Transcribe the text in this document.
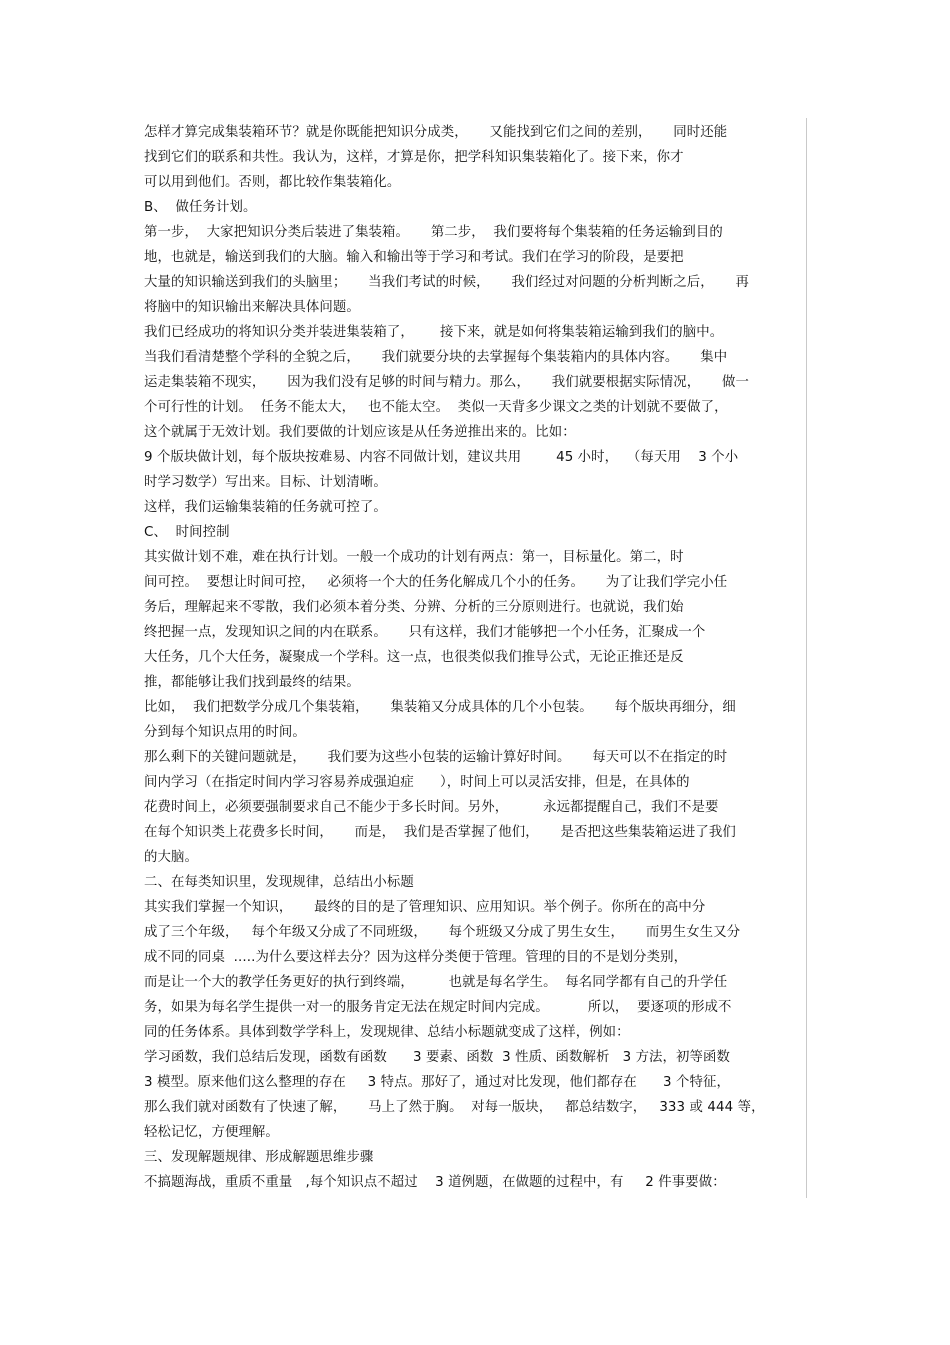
怎样才算完成集装箱环节？就是你既能把知识分成类，     又能找到它们之间的差别，     同时还能
找到它们的联系和共性。我认为，这样，才算是你，把学科知识集装箱化了。接下来，你才
可以用到他们。否则，都比较作集装箱化。
B、  做任务计划。
第一步，  大家把知识分类后装进了集装箱。     第二步，  我们要将每个集装箱的任务运输到目的
地，也就是，输送到我们的大脑。输入和输出等于学习和考试。我们在学习的阶段，是要把
大量的知识输送到我们的头脑里；     当我们考试的时候，     我们经过对问题的分析判断之后，     再
将脑中的知识输出来解决具体问题。
我们已经成功的将知识分类并装进集装箱了，      接下来，就是如何将集装箱运输到我们的脑中。
当我们看清楚整个学科的全貌之后，     我们就要分块的去掌握每个集装箱内的具体内容。     集中
运走集装箱不现实，     因为我们没有足够的时间与精力。那么，     我们就要根据实际情况，     做一
个可行性的计划。  任务不能太大，   也不能太空。  类似一天背多少课文之类的计划就不要做了，
这个就属于无效计划。我们要做的计划应该是从任务逆推出来的。比如：
9 个版块做计划，每个版块按难易、内容不同做计划，建议共用        45 小时，  （每天用    3 个小
时学习数学）写出来。目标、计划清晰。
这样，我们运输集装箱的任务就可控了。
C、  时间控制
其实做计划不难，难在执行计划。一般一个成功的计划有两点：第一，目标量化。第二，时
间可控。  要想让时间可控，   必须将一个大的任务化解成几个小的任务。     为了让我们学完小任
务后，理解起来不零散，我们必须本着分类、分辨、分析的三分原则进行。也就说，我们始
终把握一点，发现知识之间的内在联系。     只有这样，我们才能够把一个小任务，汇聚成一个
大任务，几个大任务，凝聚成一个学科。这一点，也很类似我们推导公式，无论正推还是反
推，都能够让我们找到最终的结果。
比如，  我们把数学分成几个集装箱，     集装箱又分成具体的几个小包装。     每个版块再细分，细
分到每个知识点用的时间。
那么剩下的关键问题就是，     我们要为这些小包装的运输计算好时间。     每天可以不在指定的时
间内学习（在指定时间内学习容易养成强迫症      ），时间上可以灵活安排，但是，在具体的
花费时间上，必须要强制要求自己不能少于多长时间。另外，        永远都提醒自己，我们不是要
在每个知识类上花费多长时间，     而是，  我们是否掌握了他们，     是否把这些集装箱运进了我们
的大脑。
二、在每类知识里，发现规律，总结出小标题
其实我们掌握一个知识，     最终的目的是了管理知识、应用知识。举个例子。你所在的高中分
成了三个年级，   每个年级又分成了不同班级，     每个班级又分成了男生女生，     而男生女生又分
成不同的同桌  .....为什么要这样去分？因为这样分类便于管理。管理的目的不是划分类别，
而是让一个大的教学任务更好的执行到终端，        也就是每名学生。  每名同学都有自己的升学任
务，如果为每名学生提供一对一的服务肯定无法在规定时间内完成。         所以，  要逐项的形成不
同的任务体系。具体到数学学科上，发现规律、总结小标题就变成了这样，例如：
学习函数，我们总结后发现，函数有函数      3 要素、函数  3 性质、函数解析   3 方法，初等函数
3 模型。原来他们这么整理的存在     3 特点。那好了，通过对比发现，他们都存在      3 个特征，
那么我们就对函数有了快速了解，     马上了然于胸。  对每一版块，   都总结数字，   333 或 444 等，
轻松记忆，方便理解。
三、发现解题规律、形成解题思维步骤
不搞题海战，重质不重量   ,每个知识点不超过    3 道例题，在做题的过程中，有     2 件事要做：
